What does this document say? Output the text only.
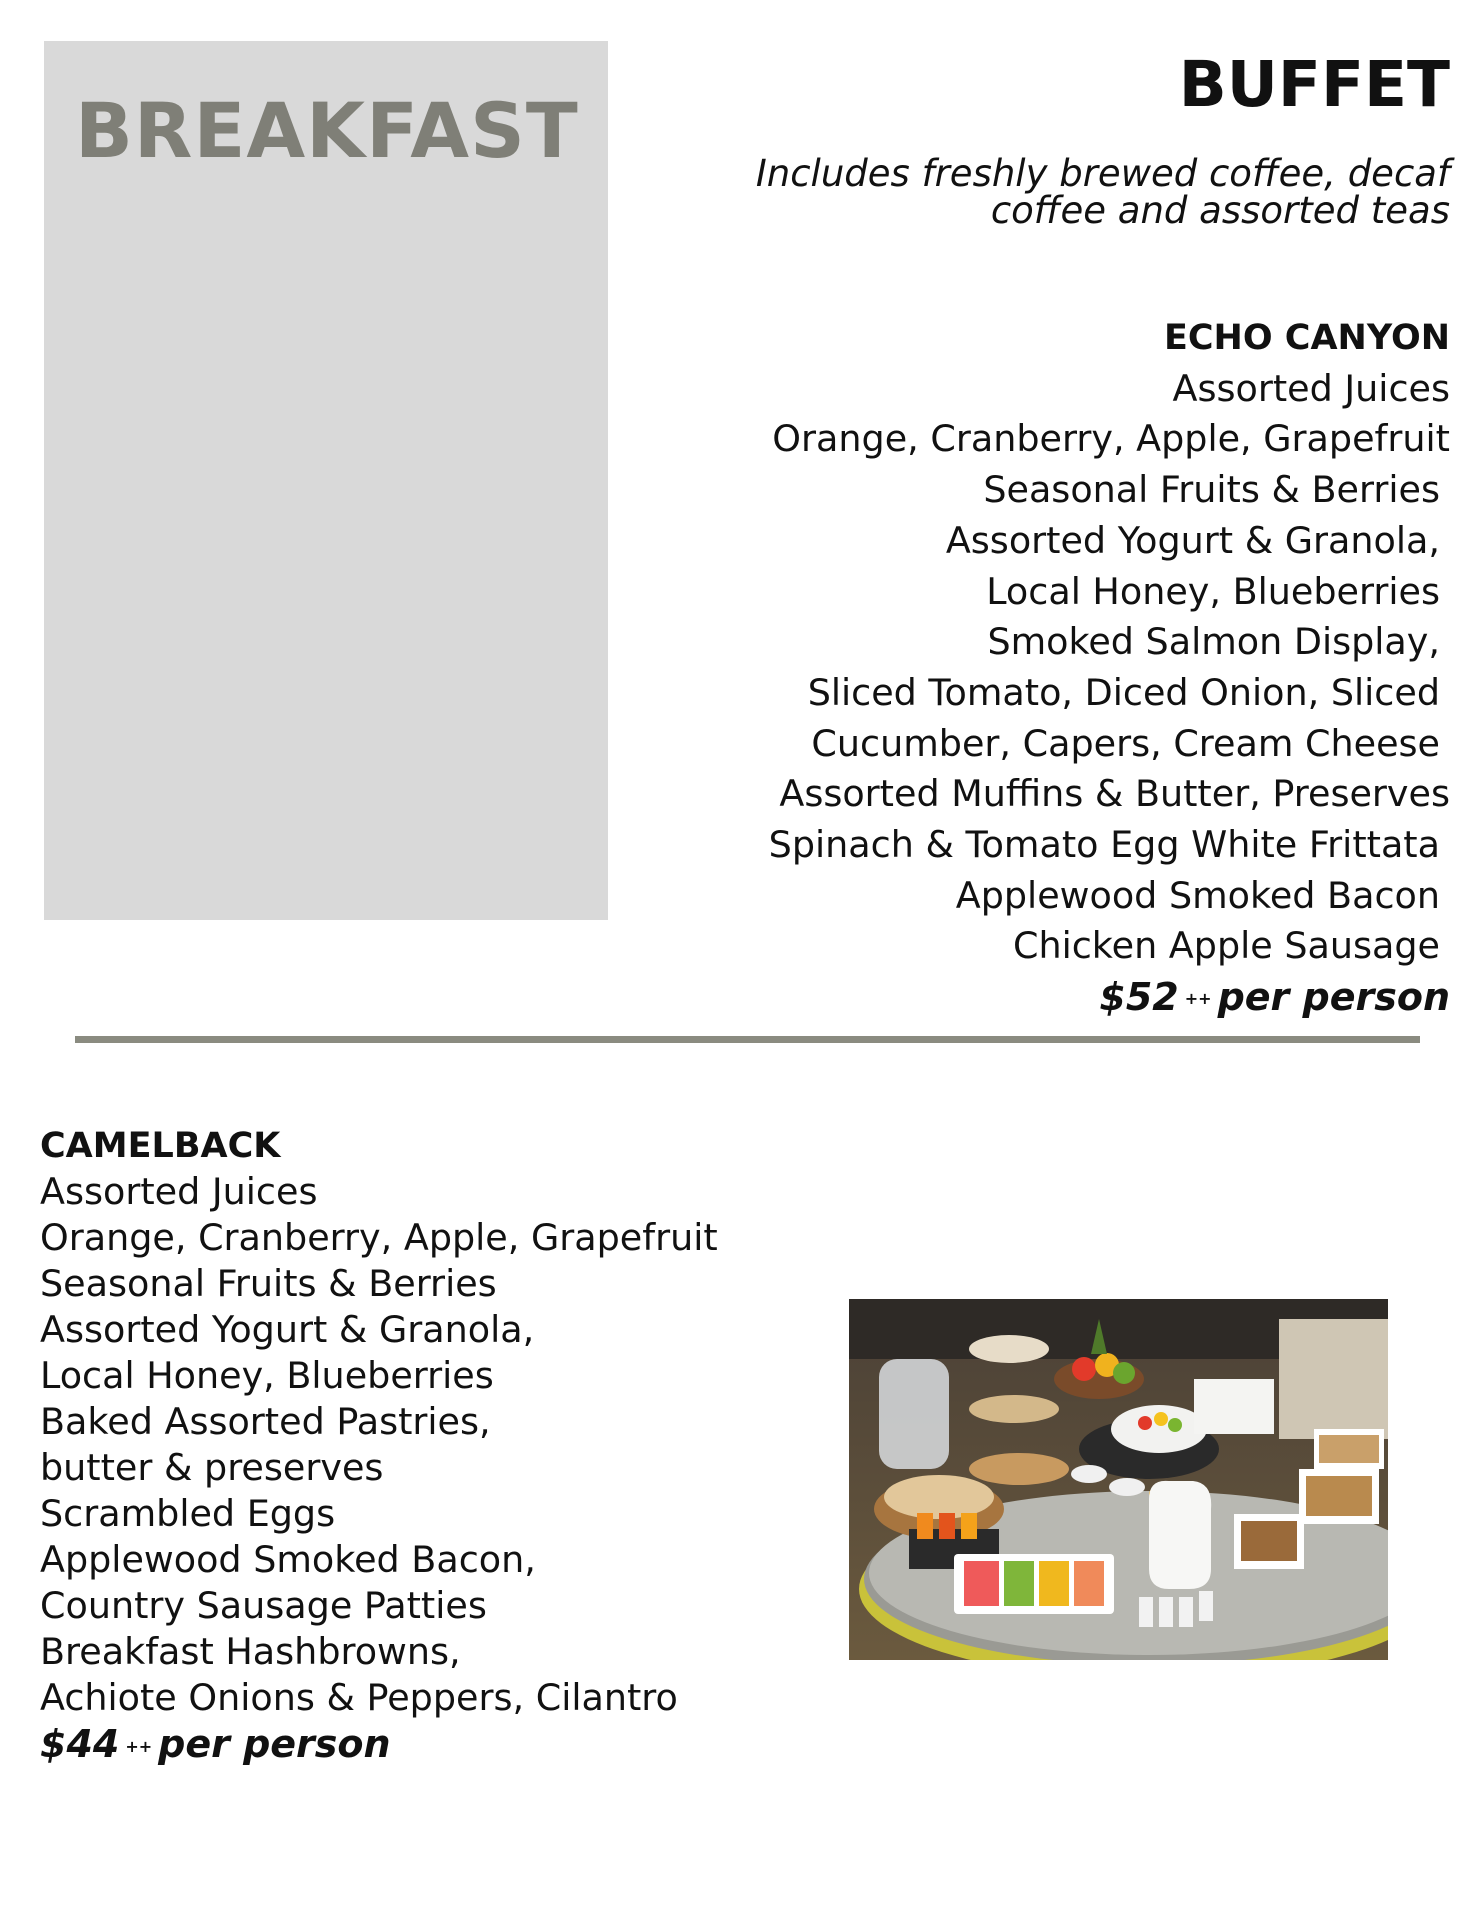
BREAKFAST
BUFFET
Includes freshly brewed coffee, decaf
coffee and assorted teas
ECHO CANYON
Assorted Juices
Orange, Cranberry, Apple, Grapefruit
Seasonal Fruits & Berries
Assorted Yogurt & Granola,
Local Honey, Blueberries
Smoked Salmon Display,
Sliced Tomato, Diced Onion, Sliced
Cucumber, Capers, Cream Cheese
Assorted Muffins & Butter, Preserves
Spinach & Tomato Egg White Frittata
Applewood Smoked Bacon
Chicken Apple Sausage
$52 ++ per person
CAMELBACK
Assorted Juices
Orange, Cranberry, Apple, Grapefruit
Seasonal Fruits & Berries
Assorted Yogurt & Granola,
Local Honey, Blueberries
Baked Assorted Pastries,
butter & preserves
Scrambled Eggs
Applewood Smoked Bacon,
Country Sausage Patties
Breakfast Hashbrowns,
Achiote Onions & Peppers, Cilantro
$44 ++ per person
